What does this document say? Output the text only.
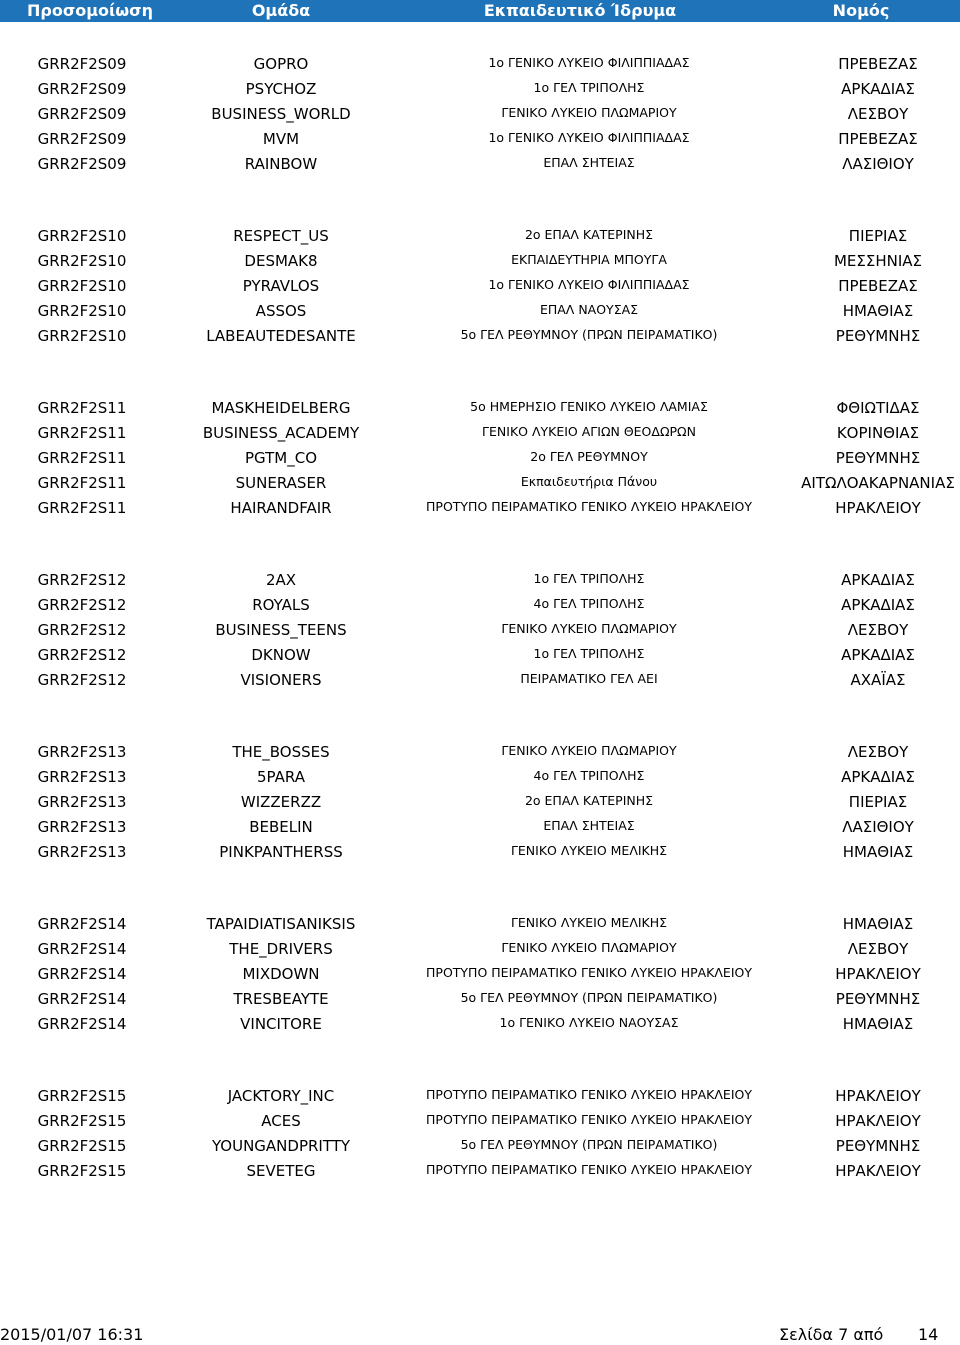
Προσομοίωση	Ομάδα	Εκπαιδευτικό Ίδρυμα	Νομός
GRR2F2S09	GOPRO	1ο ΓΕΝΙΚΟ ΛΥΚΕΙΟ ΦΙΛΙΠΠΙΑΔΑΣ	ΠΡΕΒΕΖΑΣ
GRR2F2S09	PSYCHOZ	1ο ΓΕΛ ΤΡΙΠΟΛΗΣ	ΑΡΚΑΔΙΑΣ
GRR2F2S09	BUSINESS_WORLD	ΓΕΝΙΚΟ ΛΥΚΕΙΟ ΠΛΩΜΑΡΙΟΥ	ΛΕΣΒΟΥ
GRR2F2S09	MVM	1ο ΓΕΝΙΚΟ ΛΥΚΕΙΟ ΦΙΛΙΠΠΙΑΔΑΣ	ΠΡΕΒΕΖΑΣ
GRR2F2S09	RAINBOW	ΕΠΑΛ ΣΗΤΕΙΑΣ	ΛΑΣΙΘΙΟΥ
GRR2F2S10	RESPECT_US	2ο ΕΠΑΛ ΚΑΤΕΡΙΝΗΣ	ΠΙΕΡΙΑΣ
GRR2F2S10	DESMAK8	ΕΚΠΑΙΔΕΥΤΗΡΙΑ ΜΠΟΥΓΑ	ΜΕΣΣΗΝΙΑΣ
GRR2F2S10	PYRAVLOS	1ο ΓΕΝΙΚΟ ΛΥΚΕΙΟ ΦΙΛΙΠΠΙΑΔΑΣ	ΠΡΕΒΕΖΑΣ
GRR2F2S10	ASSOS	ΕΠΑΛ ΝΑΟΥΣΑΣ	ΗΜΑΘΙΑΣ
GRR2F2S10	LABEAUTEDESANTE	5ο ΓΕΛ ΡΕΘΥΜΝΟΥ (ΠΡΩΝ ΠΕΙΡΑΜΑΤΙΚΟ)	ΡΕΘΥΜΝΗΣ
GRR2F2S11	MASKHEIDELBERG	5ο ΗΜΕΡΗΣΙΟ ΓΕΝΙΚΟ ΛΥΚΕΙΟ ΛΑΜΙΑΣ	ΦΘΙΩΤΙΔΑΣ
GRR2F2S11	BUSINESS_ACADEMY	ΓΕΝΙΚΟ ΛΥΚΕΙΟ ΑΓΙΩΝ ΘΕΟΔΩΡΩΝ	ΚΟΡΙΝΘΙΑΣ
GRR2F2S11	PGTM_CO	2ο ΓΕΛ ΡΕΘΥΜΝΟΥ	ΡΕΘΥΜΝΗΣ
GRR2F2S11	SUNERASER	Εκπαιδευτήρια Πάνου	ΑΙΤΩΛΟΑΚΑΡΝΑΝΙΑΣ
GRR2F2S11	HAIRANDFAIR	ΠΡΟΤΥΠΟ ΠΕΙΡΑΜΑΤΙΚΟ ΓΕΝΙΚΟ ΛΥΚΕΙΟ ΗΡΑΚΛΕΙΟΥ	ΗΡΑΚΛΕΙΟΥ
GRR2F2S12	2AX	1ο ΓΕΛ ΤΡΙΠΟΛΗΣ	ΑΡΚΑΔΙΑΣ
GRR2F2S12	ROYALS	4ο ΓΕΛ ΤΡΙΠΟΛΗΣ	ΑΡΚΑΔΙΑΣ
GRR2F2S12	BUSINESS_TEENS	ΓΕΝΙΚΟ ΛΥΚΕΙΟ ΠΛΩΜΑΡΙΟΥ	ΛΕΣΒΟΥ
GRR2F2S12	DKNOW	1ο ΓΕΛ ΤΡΙΠΟΛΗΣ	ΑΡΚΑΔΙΑΣ
GRR2F2S12	VISIONERS	ΠΕΙΡΑΜΑΤΙΚΟ ΓΕΛ ΑΕΙ	ΑΧΑΪΑΣ
GRR2F2S13	THE_BOSSES	ΓΕΝΙΚΟ ΛΥΚΕΙΟ ΠΛΩΜΑΡΙΟΥ	ΛΕΣΒΟΥ
GRR2F2S13	5PARA	4ο ΓΕΛ ΤΡΙΠΟΛΗΣ	ΑΡΚΑΔΙΑΣ
GRR2F2S13	WIZZERZZ	2ο ΕΠΑΛ ΚΑΤΕΡΙΝΗΣ	ΠΙΕΡΙΑΣ
GRR2F2S13	BEBELIN	ΕΠΑΛ ΣΗΤΕΙΑΣ	ΛΑΣΙΘΙΟΥ
GRR2F2S13	PINKPANTHERSS	ΓΕΝΙΚΟ ΛΥΚΕΙΟ ΜΕΛΙΚΗΣ	ΗΜΑΘΙΑΣ
GRR2F2S14	TAPAIDIATISANIKSIS	ΓΕΝΙΚΟ ΛΥΚΕΙΟ ΜΕΛΙΚΗΣ	ΗΜΑΘΙΑΣ
GRR2F2S14	THE_DRIVERS	ΓΕΝΙΚΟ ΛΥΚΕΙΟ ΠΛΩΜΑΡΙΟΥ	ΛΕΣΒΟΥ
GRR2F2S14	MIXDOWN	ΠΡΟΤΥΠΟ ΠΕΙΡΑΜΑΤΙΚΟ ΓΕΝΙΚΟ ΛΥΚΕΙΟ ΗΡΑΚΛΕΙΟΥ	ΗΡΑΚΛΕΙΟΥ
GRR2F2S14	TRESBEAYTE	5ο ΓΕΛ ΡΕΘΥΜΝΟΥ (ΠΡΩΝ ΠΕΙΡΑΜΑΤΙΚΟ)	ΡΕΘΥΜΝΗΣ
GRR2F2S14	VINCITORE	1ο ΓΕΝΙΚΟ ΛΥΚΕΙΟ ΝΑΟΥΣΑΣ	ΗΜΑΘΙΑΣ
GRR2F2S15	JACKTORY_INC	ΠΡΟΤΥΠΟ ΠΕΙΡΑΜΑΤΙΚΟ ΓΕΝΙΚΟ ΛΥΚΕΙΟ ΗΡΑΚΛΕΙΟΥ	ΗΡΑΚΛΕΙΟΥ
GRR2F2S15	ACES	ΠΡΟΤΥΠΟ ΠΕΙΡΑΜΑΤΙΚΟ ΓΕΝΙΚΟ ΛΥΚΕΙΟ ΗΡΑΚΛΕΙΟΥ	ΗΡΑΚΛΕΙΟΥ
GRR2F2S15	YOUNGANDPRITTY	5ο ΓΕΛ ΡΕΘΥΜΝΟΥ (ΠΡΩΝ ΠΕΙΡΑΜΑΤΙΚΟ)	ΡΕΘΥΜΝΗΣ
GRR2F2S15	SEVETEG	ΠΡΟΤΥΠΟ ΠΕΙΡΑΜΑΤΙΚΟ ΓΕΝΙΚΟ ΛΥΚΕΙΟ ΗΡΑΚΛΕΙΟΥ	ΗΡΑΚΛΕΙΟΥ
2015/01/07 16:31	Σελίδα 7 από 14
